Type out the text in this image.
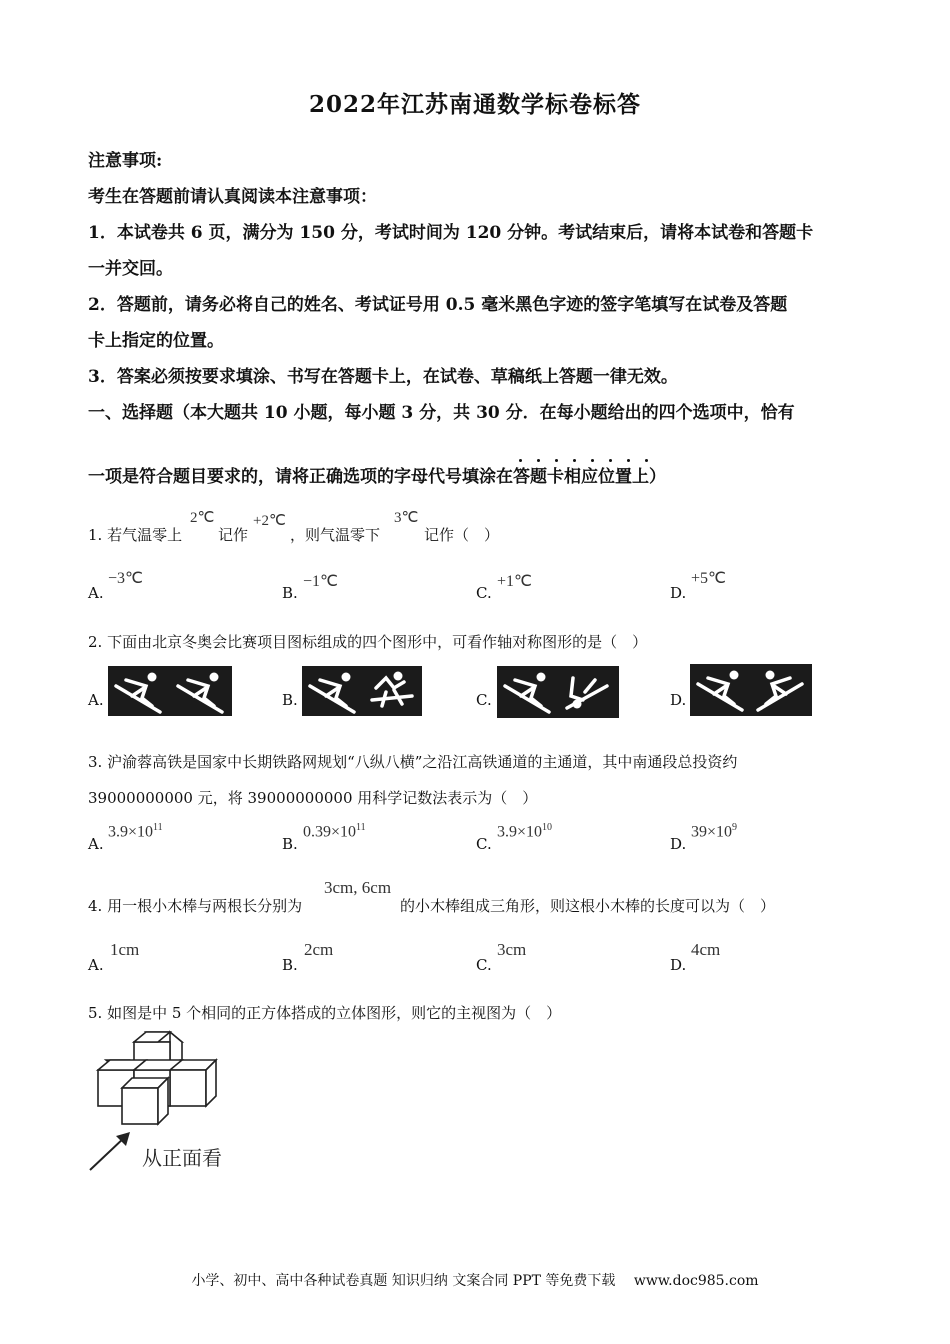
2022年江苏南通数学标卷标答
注意事项:
考生在答题前请认真阅读本注意事项：
1．本试卷共 6 页，满分为 150 分，考试时间为 120 分钟。考试结束后，请将本试卷和答题卡
一并交回。
2．答题前，请务必将自己的姓名、考试证号用 0.5 毫米黑色字迹的签字笔填写在试卷及答题
卡上指定的位置。
3．答案必须按要求填涂、书写在答题卡上，在试卷、草稿纸上答题一律无效。
一、选择题（本大题共 10 小题，每小题 3 分，共 30 分．在每小题给出的四个选项中，恰有
一项是符合题目要求的，请将正确选项的字母代号填涂在答题卡相应位置上
）
1. 若气温零上
2℃
记作
+2℃
，则气温零下
3℃
记作（　）
A.
−3℃
B.
−1℃
C.
+1℃
D.
+5℃
2. 下面由北京冬奥会比赛项目图标组成的四个图形中，可看作轴对称图形的是（　）
A.	B.	C.	D.
3. 沪渝蓉高铁是国家中长期铁路网规划“八纵八横”之沿江高铁通道的主通道，其中南通段总投资约
39000000000 元，将 39000000000 用科学记数法表示为（　）
A.
$3.9\times 10^{11}$
B.
$0.39\times 10^{11}$
C.
$3.9\times 10^{10}$
D.
$39\times 10^9$
4. 用一根小木棒与两根长分别为
3cm, 6cm
的小木棒组成三角形，则这根小木棒的长度可以为（　）
A.
1cm
B.
2cm
C.
3cm
D.
4cm
5. 如图是中 5 个相同的正方体搭成的立体图形，则它的主视图为（　）
从正面看
小学、初中、高中各种试卷真题 知识归纳 文案合同 PPT 等免费下载　 www.doc985.com
